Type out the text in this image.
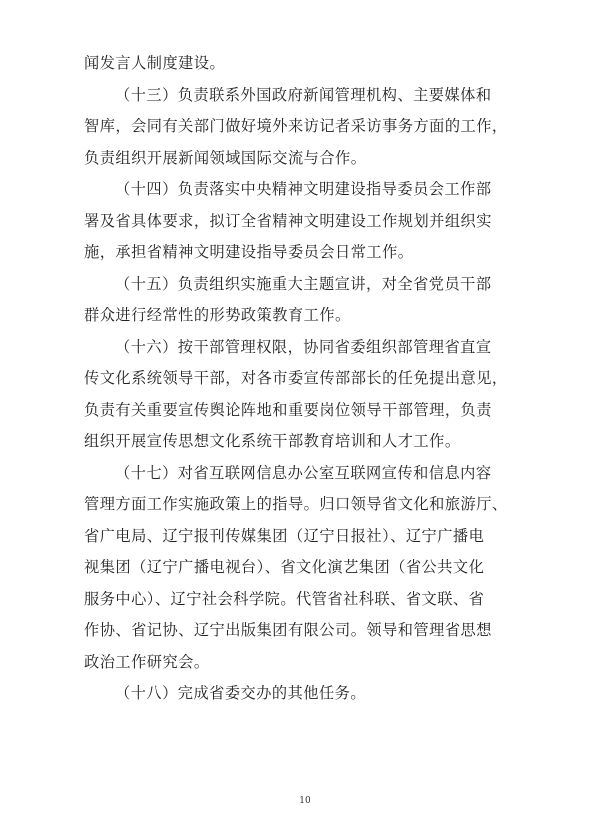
闻发言人制度建设。
（十三）负责联系外国政府新闻管理机构、主要媒体和
智库，会同有关部门做好境外来访记者采访事务方面的工作，
负责组织开展新闻领域国际交流与合作。
（十四）负责落实中央精神文明建设指导委员会工作部
署及省具体要求，拟订全省精神文明建设工作规划并组织实
施，承担省精神文明建设指导委员会日常工作。
（十五）负责组织实施重大主题宣讲，对全省党员干部
群众进行经常性的形势政策教育工作。
（十六）按干部管理权限，协同省委组织部管理省直宣
传文化系统领导干部，对各市委宣传部部长的任免提出意见，
负责有关重要宣传舆论阵地和重要岗位领导干部管理，负责
组织开展宣传思想文化系统干部教育培训和人才工作。
（十七）对省互联网信息办公室互联网宣传和信息内容
管理方面工作实施政策上的指导。归口领导省文化和旅游厅、
省广电局、辽宁报刊传媒集团（辽宁日报社）、辽宁广播电
视集团（辽宁广播电视台）、省文化演艺集团（省公共文化
服务中心）、辽宁社会科学院。代管省社科联、省文联、省
作协、省记协、辽宁出版集团有限公司。领导和管理省思想
政治工作研究会。
（十八）完成省委交办的其他任务。
10
